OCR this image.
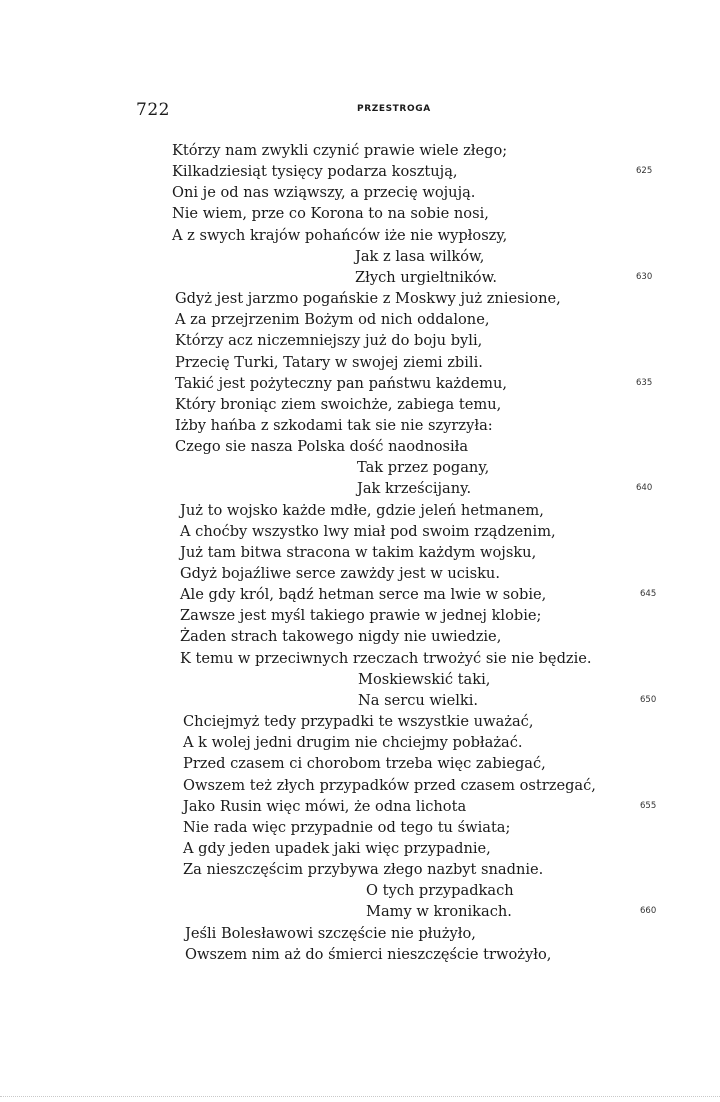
722	PRZESTROGA
Którzy nam zwykli czynić prawie wiele złego;
Kilkadziesiąt tysięcy podarza kosztują,	625
Oni je od nas wziąwszy, a przecię wojują.
Nie wiem, prze co Korona to na sobie nosi,
A z swych krajów pohańców iże nie wypłoszy,
Jak z lasa wilków,
Złych urgieltników.	630
Gdyż jest jarzmo pogańskie z Moskwy już zniesione,
A za przejrzenim Bożym od nich oddalone,
Którzy acz niczemniejszy już do boju byli,
Przecię Turki, Tatary w swojej ziemi zbili.
Takić jest pożyteczny pan państwu każdemu,	635
Który broniąc ziem swoichże, zabiega temu,
Iżby hańba z szkodami tak sie nie szyrzyła:
Czego sie nasza Polska dość naodnosiła
Tak przez pogany,
Jak krześcijany.	640
Już to wojsko każde mdłe, gdzie jeleń hetmanem,
A choćby wszystko lwy miał pod swoim rządzenim,
Już tam bitwa stracona w takim każdym wojsku,
Gdyż bojaźliwe serce zawżdy jest w ucisku.
Ale gdy król, bądź hetman serce ma lwie w sobie,	645
Zawsze jest myśl takiego prawie w jednej klobie;
Żaden strach takowego nigdy nie uwiedzie,
K temu w przeciwnych rzeczach trwożyć sie nie będzie.
Moskiewskić taki,
Na sercu wielki.	650
Chciejmyż tedy przypadki te wszystkie uważać,
A k wolej jedni drugim nie chciejmy pobłażać.
Przed czasem ci chorobom trzeba więc zabiegać,
Owszem też złych przypadków przed czasem ostrzegać,
Jako Rusin więc mówi, że odna lichota	655
Nie rada więc przypadnie od tego tu świata;
A gdy jeden upadek jaki więc przypadnie,
Za nieszczęścim przybywa złego nazbyt snadnie.
O tych przypadkach
Mamy w kronikach.	660
Jeśli Bolesławowi szczęście nie płużyło,
Owszem nim aż do śmierci nieszczęście trwożyło,
